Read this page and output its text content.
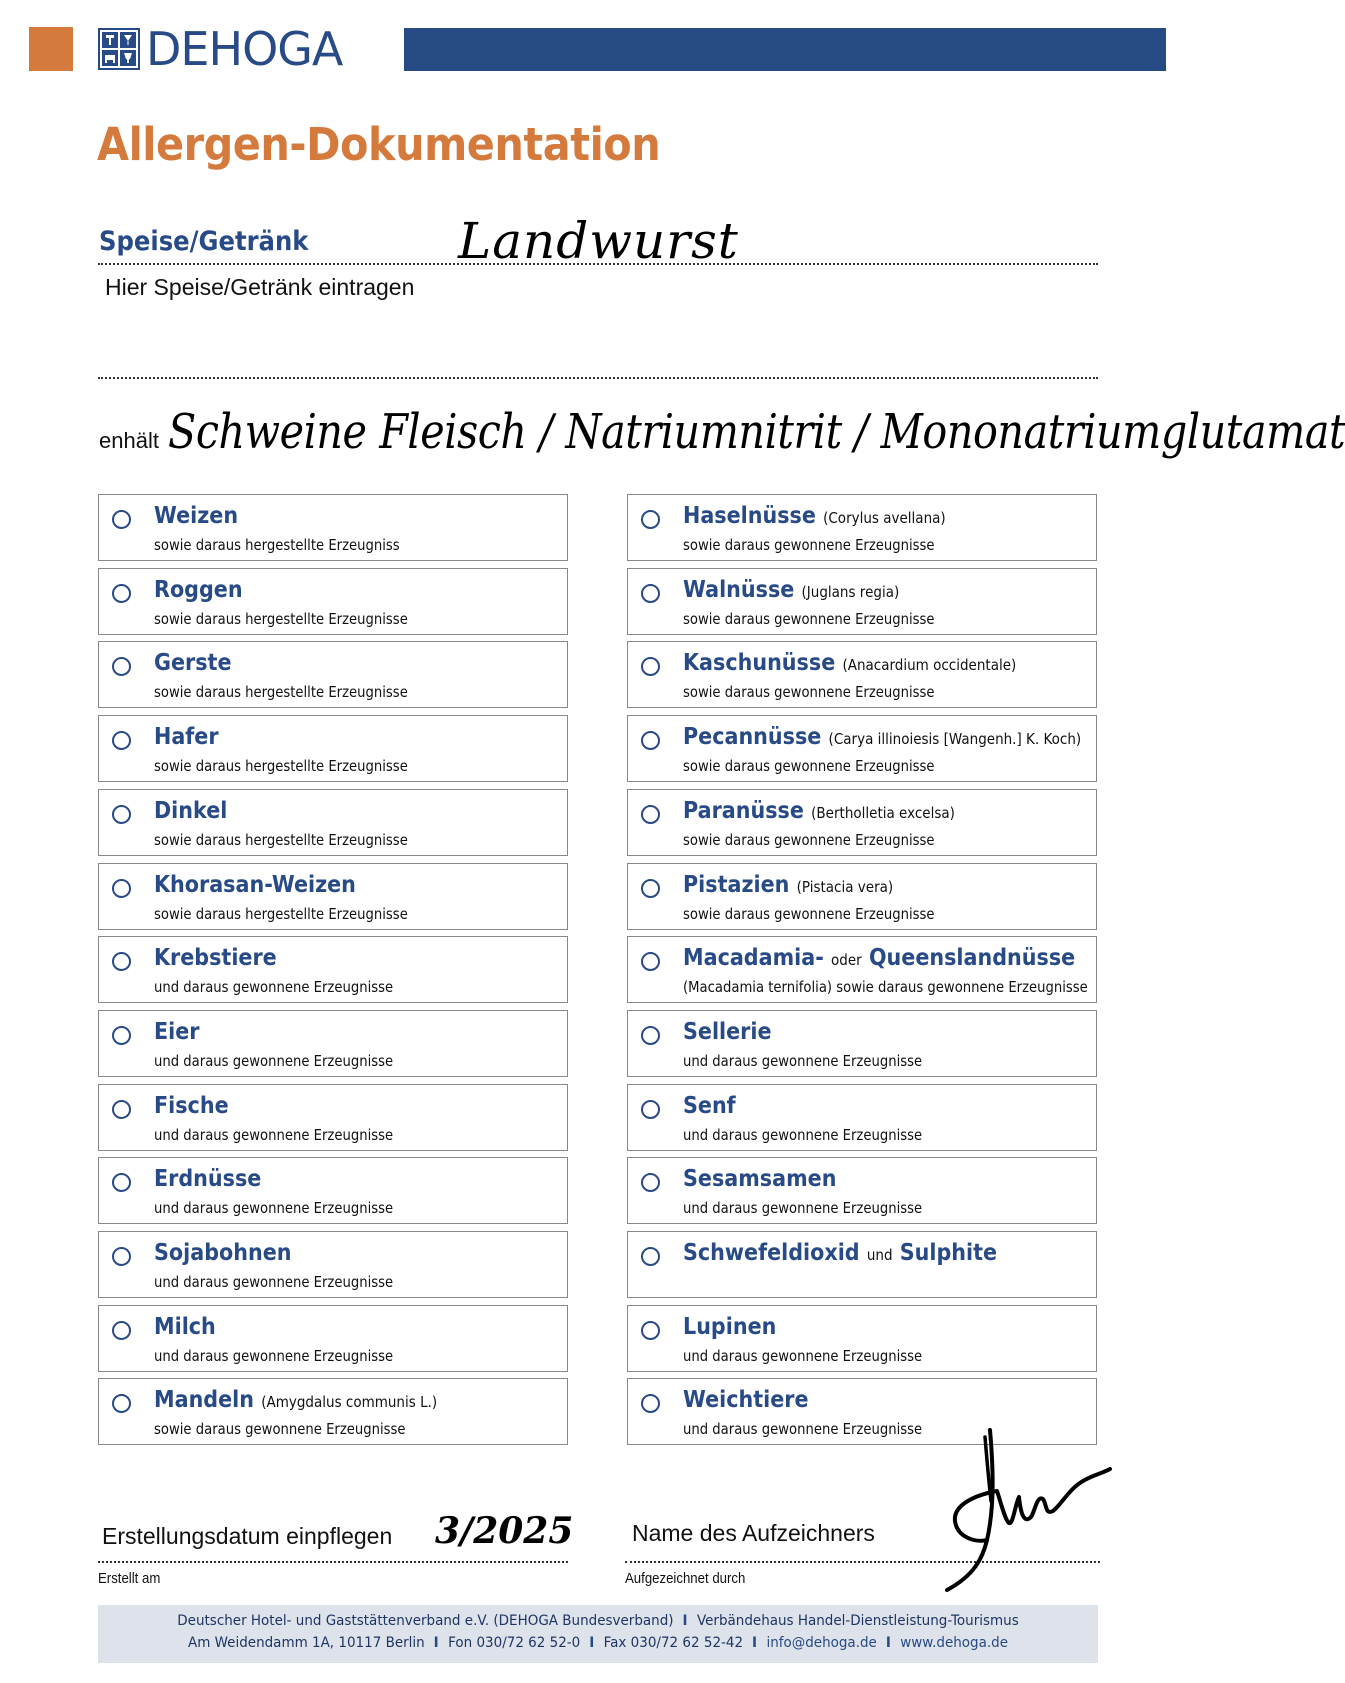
DEHOGA
Allergen-Dokumentation
Speise/Getränk	Landwurst
Hier Speise/Getränk eintragen
enhält Schweine Fleisch / Natriumnitrit / Mononatriumglutamat
Weizen
sowie daraus hergestellte Erzeugniss
Roggen
sowie daraus hergestellte Erzeugnisse
Gerste
sowie daraus hergestellte Erzeugnisse
Hafer
sowie daraus hergestellte Erzeugnisse
Dinkel
sowie daraus hergestellte Erzeugnisse
Khorasan-Weizen
sowie daraus hergestellte Erzeugnisse
Krebstiere
und daraus gewonnene Erzeugnisse
Eier
und daraus gewonnene Erzeugnisse
Fische
und daraus gewonnene Erzeugnisse
Erdnüsse
und daraus gewonnene Erzeugnisse
Sojabohnen
und daraus gewonnene Erzeugnisse
Milch
und daraus gewonnene Erzeugnisse
Mandeln (Amygdalus communis L.)
sowie daraus gewonnene Erzeugnisse
Haselnüsse (Corylus avellana)
sowie daraus gewonnene Erzeugnisse
Walnüsse (Juglans regia)
sowie daraus gewonnene Erzeugnisse
Kaschunüsse (Anacardium occidentale)
sowie daraus gewonnene Erzeugnisse
Pecannüsse (Carya illinoiesis [Wangenh.] K. Koch)
sowie daraus gewonnene Erzeugnisse
Paranüsse (Bertholletia excelsa)
sowie daraus gewonnene Erzeugnisse
Pistazien (Pistacia vera)
sowie daraus gewonnene Erzeugnisse
Macadamia- oder Queenslandnüsse
(Macadamia ternifolia) sowie daraus gewonnene Erzeugnisse
Sellerie
und daraus gewonnene Erzeugnisse
Senf
und daraus gewonnene Erzeugnisse
Sesamsamen
und daraus gewonnene Erzeugnisse
Schwefeldioxid und Sulphite
Lupinen
und daraus gewonnene Erzeugnisse
Weichtiere
und daraus gewonnene Erzeugnisse
Erstellungsdatum einpflegen 3/2025
Erstellt am
Name des Aufzeichners
Aufgezeichnet durch
Deutscher Hotel- und Gaststättenverband e.V. (DEHOGA Bundesverband)  I  Verbändehaus Handel-Dienstleistung-Tourismus
Am Weidendamm 1A, 10117 Berlin  I  Fon 030/72 62 52-0  I  Fax 030/72 62 52-42  I  info@dehoga.de  I  www.dehoga.de
